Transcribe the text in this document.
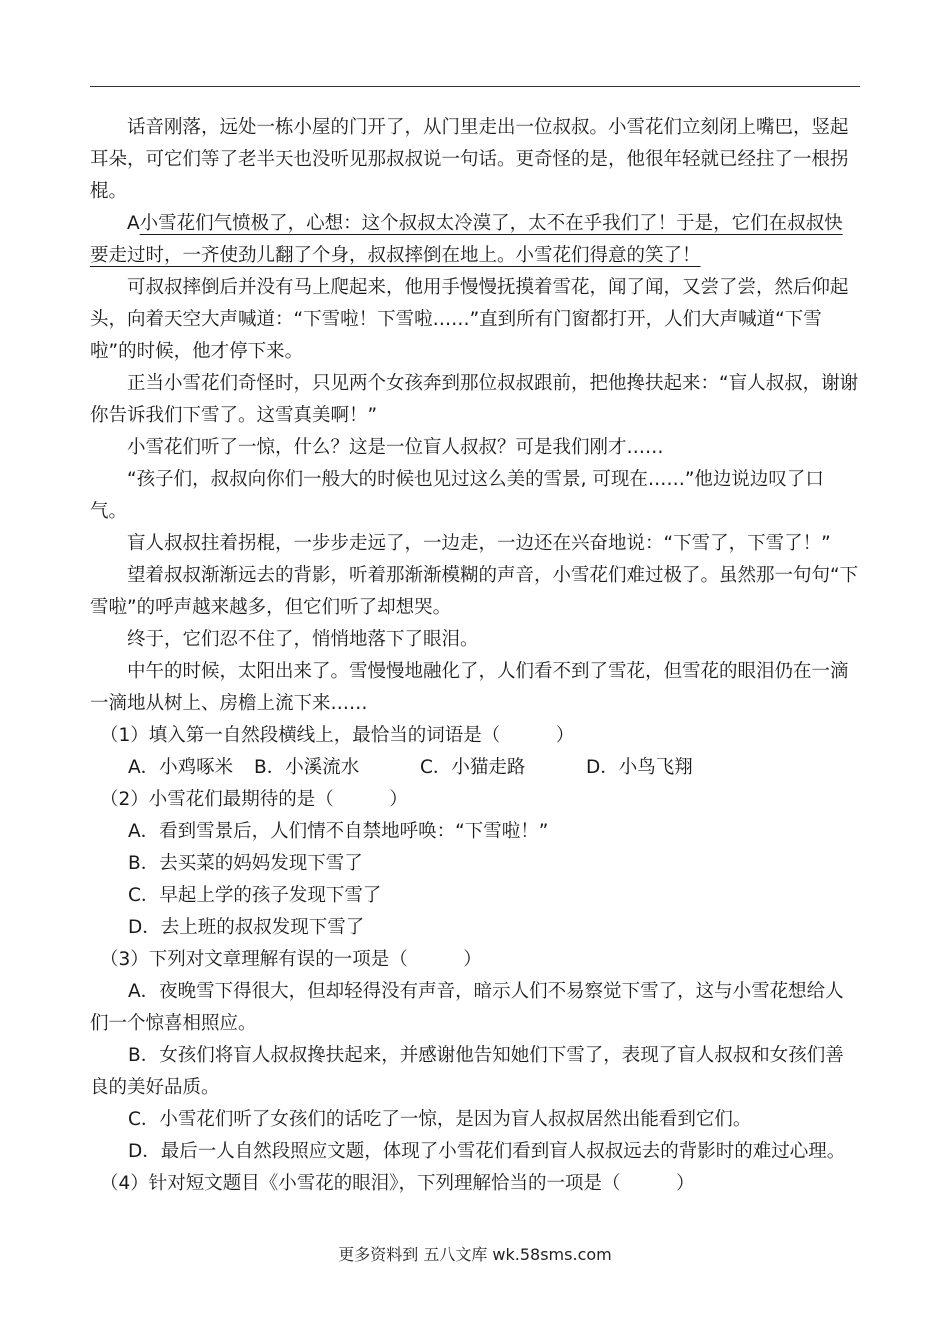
话音刚落，远处一栋小屋的门开了，从门里走出一位叔叔。小雪花们立刻闭上嘴巴，竖起耳朵，可它们等了老半天也没听见那叔叔说一句话。更奇怪的是，他很年轻就已经拄了一根拐棍。

A小雪花们气愤极了，心想：这个叔叔太冷漠了，太不在乎我们了！于是，它们在叔叔快要走过时，一齐使劲儿翻了个身，叔叔摔倒在地上。小雪花们得意的笑了！

可叔叔摔倒后并没有马上爬起来，他用手慢慢抚摸着雪花，闻了闻，又尝了尝，然后仰起头，向着天空大声喊道：“下雪啦！下雪啦……”直到所有门窗都打开，人们大声喊道“下雪啦”的时候，他才停下来。

正当小雪花们奇怪时，只见两个女孩奔到那位叔叔跟前，把他搀扶起来：“盲人叔叔，谢谢你告诉我们下雪了。这雪真美啊！”

小雪花们听了一惊，什么？这是一位盲人叔叔？可是我们刚才……

“孩子们，叔叔向你们一般大的时候也见过这么美的雪景, 可现在……”他边说边叹了口气。

盲人叔叔拄着拐棍，一步步走远了，一边走，一边还在兴奋地说：“下雪了，下雪了！”

望着叔叔渐渐远去的背影，听着那渐渐模糊的声音，小雪花们难过极了。虽然那一句句“下雪啦”的呼声越来越多，但它们听了却想哭。

终于，它们忍不住了，悄悄地落下了眼泪。

中午的时候，太阳出来了。雪慢慢地融化了，人们看不到了雪花，但雪花的眼泪仍在一滴一滴地从树上、房檐上流下来……

（1）填入第一自然段横线上，最恰当的词语是（　　　）

A．小鸡啄米	B．小溪流水	C．小猫走路	D．小鸟飞翔

（2）小雪花们最期待的是（　　　）

A．看到雪景后，人们情不自禁地呼唤：“下雪啦！”

B．去买菜的妈妈发现下雪了

C．早起上学的孩子发现下雪了

D．去上班的叔叔发现下雪了

（3）下列对文章理解有误的一项是（　　　）

A．夜晚雪下得很大，但却轻得没有声音，暗示人们不易察觉下雪了，这与小雪花想给人们一个惊喜相照应。

B．女孩们将盲人叔叔搀扶起来，并感谢他告知她们下雪了，表现了盲人叔叔和女孩们善良的美好品质。

C．小雪花们听了女孩们的话吃了一惊，是因为盲人叔叔居然出能看到它们。

D．最后一人自然段照应文题，体现了小雪花们看到盲人叔叔远去的背影时的难过心理。

（4）针对短文题目《小雪花的眼泪》，下列理解恰当的一项是（　　　）

更多资料到 五八文库 wk.58sms.com
